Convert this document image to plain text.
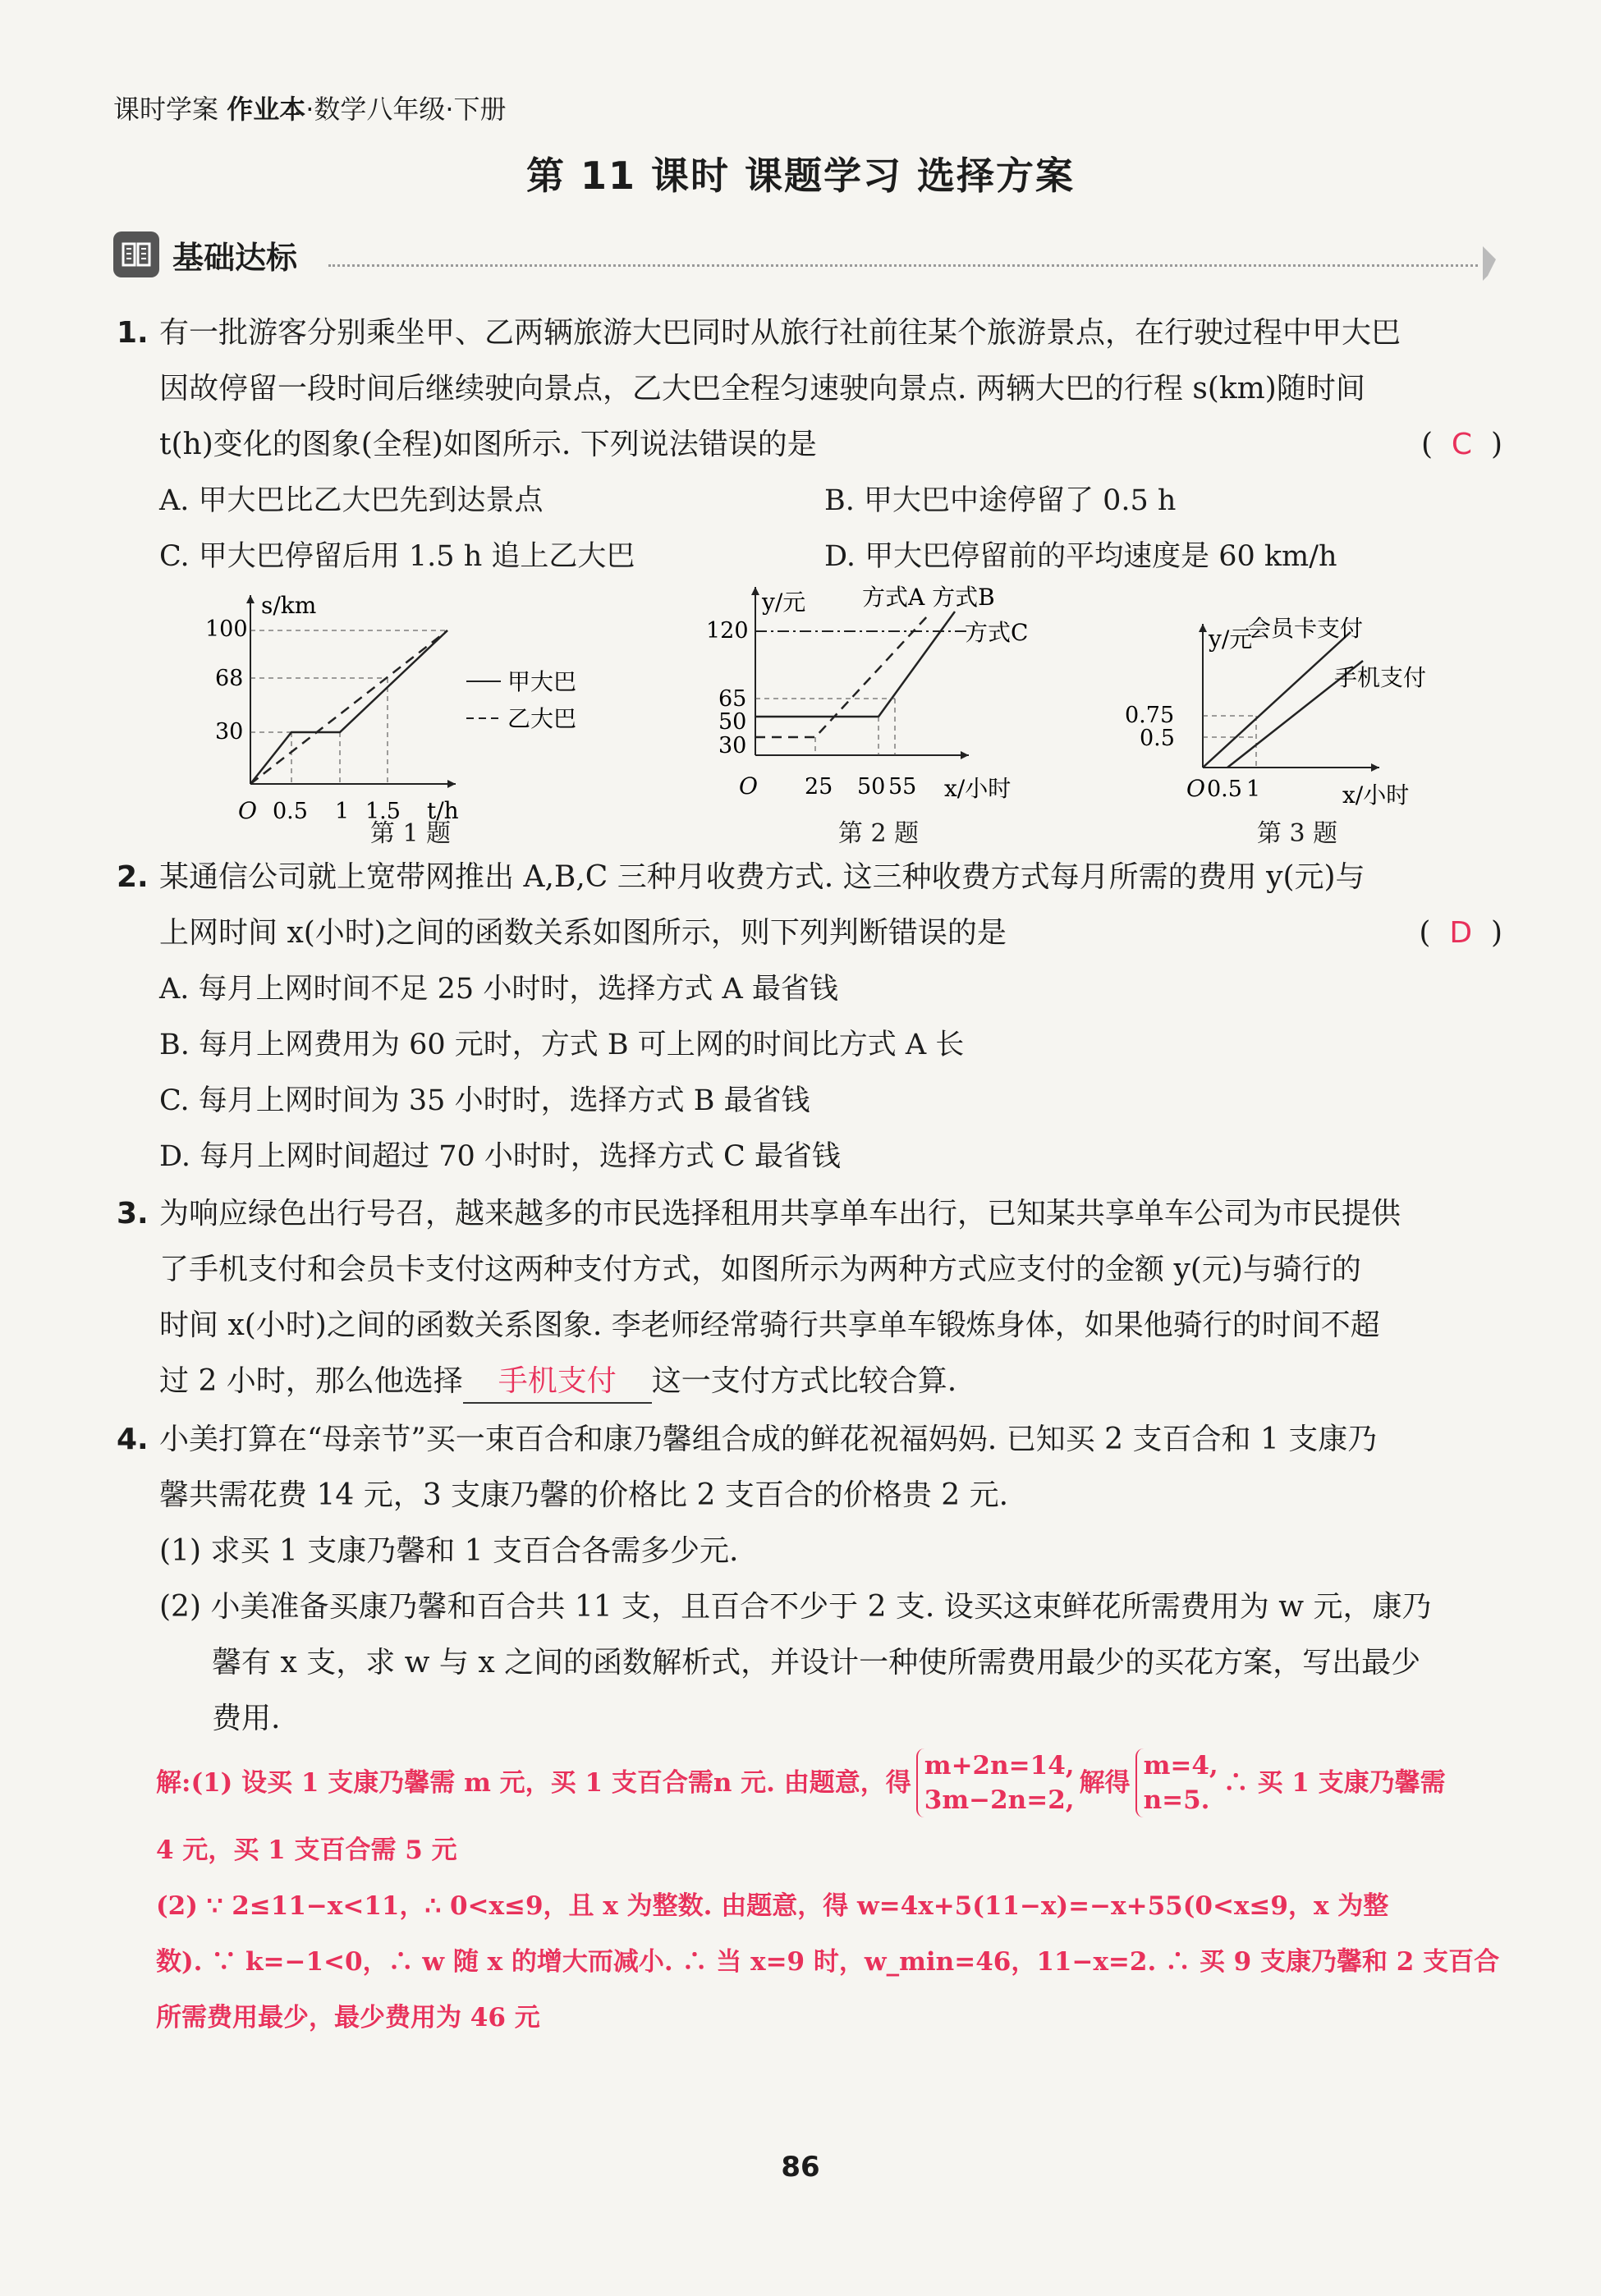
课时学案 作业本·数学八年级·下册
第 11 课时 课题学习 选择方案
基础达标
1. 有一批游客分别乘坐甲、乙两辆旅游大巴同时从旅行社前往某个旅游景点，在行驶过程中甲大巴
因故停留一段时间后继续驶向景点，乙大巴全程匀速驶向景点. 两辆大巴的行程 s(km)随时间
t(h)变化的图象(全程)如图所示. 下列说法错误的是	(  C  )
A. 甲大巴比乙大巴先到达景点	B. 甲大巴中途停留了 0.5 h
C. 甲大巴停留后用 1.5 h 追上乙大巴	D. 甲大巴停留前的平均速度是 60 km/h
s/km
t/h
O
100
68
30
0.5 1 1.5
甲大巴
乙大巴
第 1 题
y/元
x/小时
O
120
65
50
30
25 50 55
方式A 方式B
方式C
第 2 题
y/元
x/小时
O
0.75
0.5
0.5 1
会员卡支付
手机支付
第 3 题
2. 某通信公司就上宽带网推出 A,B,C 三种月收费方式. 这三种收费方式每月所需的费用 y(元)与
上网时间 x(小时)之间的函数关系如图所示，则下列判断错误的是	(  D  )
A. 每月上网时间不足 25 小时时，选择方式 A 最省钱
B. 每月上网费用为 60 元时，方式 B 可上网的时间比方式 A 长
C. 每月上网时间为 35 小时时，选择方式 B 最省钱
D. 每月上网时间超过 70 小时时，选择方式 C 最省钱
3. 为响应绿色出行号召，越来越多的市民选择租用共享单车出行，已知某共享单车公司为市民提供
了手机支付和会员卡支付这两种支付方式，如图所示为两种方式应支付的金额 y(元)与骑行的
时间 x(小时)之间的函数关系图象. 李老师经常骑行共享单车锻炼身体，如果他骑行的时间不超
过 2 小时，那么他选择 手机支付 这一支付方式比较合算.
4. 小美打算在“母亲节”买一束百合和康乃馨组合成的鲜花祝福妈妈. 已知买 2 支百合和 1 支康乃
馨共需花费 14 元，3 支康乃馨的价格比 2 支百合的价格贵 2 元.
(1) 求买 1 支康乃馨和 1 支百合各需多少元.
(2) 小美准备买康乃馨和百合共 11 支，且百合不少于 2 支. 设买这束鲜花所需费用为 w 元，康乃
馨有 x 支，求 w 与 x 之间的函数解析式，并设计一种使所需费用最少的买花方案，写出最少
费用.
解:(1) 设买 1 支康乃馨需 m 元，买 1 支百合需n 元. 由题意，得
m+2n=14,
3m−2n=2,
解得
m=4,
n=5.
∴ 买 1 支康乃馨需
4 元，买 1 支百合需 5 元
(2) ∵ 2≤11−x<11，∴ 0<x≤9，且 x 为整数. 由题意，得 w=4x+5(11−x)=−x+55(0<x≤9，x 为整
数). ∵ k=−1<0，∴ w 随 x 的增大而减小. ∴ 当 x=9 时，w_min=46，11−x=2. ∴ 买 9 支康乃馨和 2 支百合
所需费用最少，最少费用为 46 元
86
